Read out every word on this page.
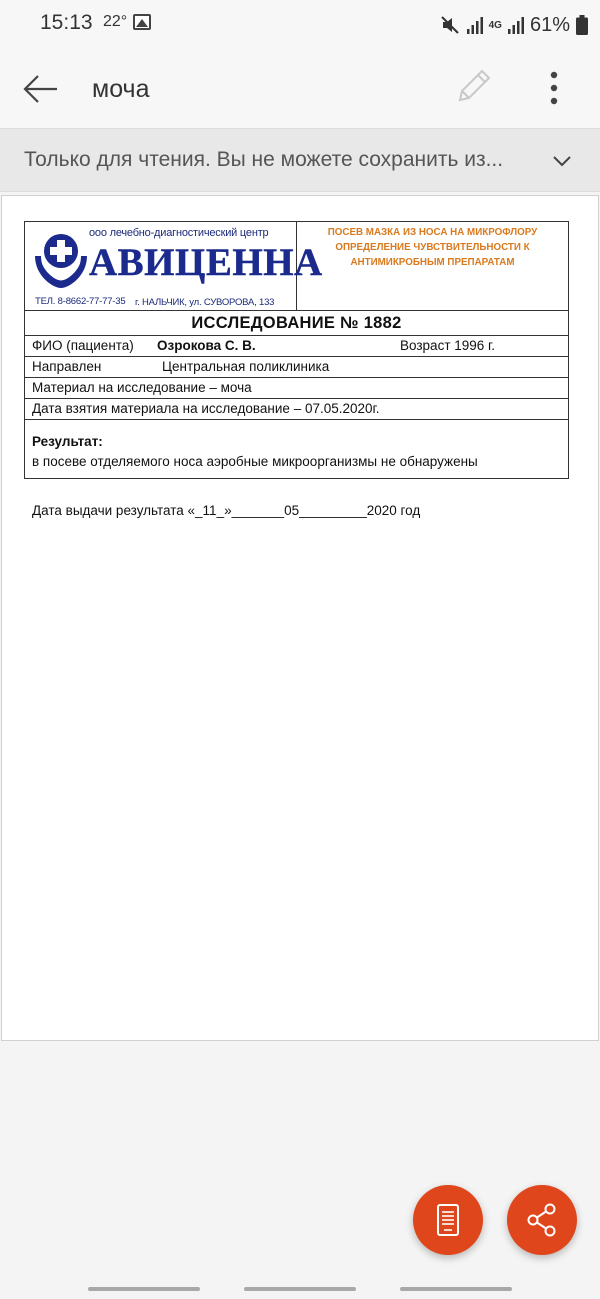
15:13 22°	4G 61%
моча
Только для чтения. Вы не можете сохранить из...
ооо лечебно-диагностический центр
АВИЦЕННА
ТЕЛ. 8-8662-77-77-35 г. НАЛЬЧИК, ул. СУВОРОВА, 133
ПОСЕВ МАЗКА ИЗ НОСА НА МИКРОФЛОРУ
ОПРЕДЕЛЕНИЕ ЧУВСТВИТЕЛЬНОСТИ К
АНТИМИКРОБНЫМ ПРЕПАРАТАМ
ИССЛЕДОВАНИЕ № 1882
ФИО (пациента) Озрокова С. В.	Возраст 1996 г.
Направлен	Центральная поликлиника
Материал на исследование – моча
Дата взятия материала на исследование – 07.05.2020г.
Результат:
в посеве отделяемого носа аэробные микроорганизмы не обнаружены
Дата выдачи результата «_11_»_______05_________2020 год
